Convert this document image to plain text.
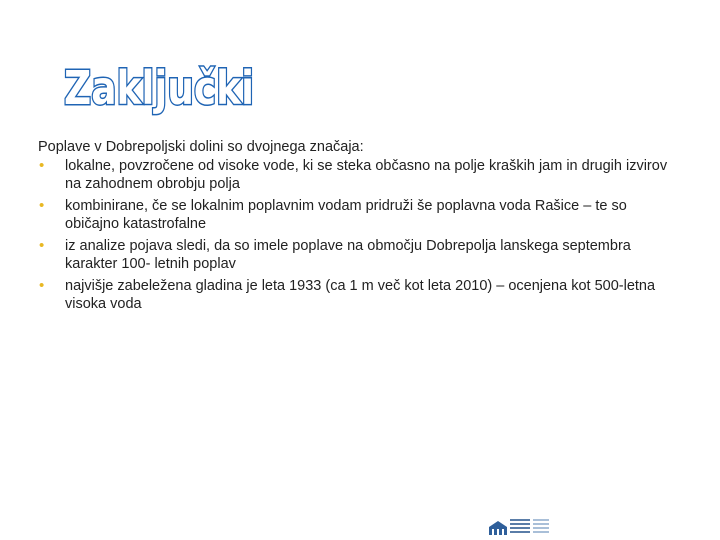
Zaključki

Poplave v Dobrepoljski dolini so dvojnega značaja:

• lokalne, povzročene od visoke vode, ki se steka občasno na polje kraških jam in drugih izvirov na zahodnem obrobju polja
• kombinirane, če se lokalnim poplavnim vodam pridruži še poplavna voda Rašice – te so običajno katastrofalne
• iz analize pojava sledi, da so imele poplave na območju Dobrepolja lanskega septembra karakter 100- letnih poplav
• najvišje zabeležena gladina je leta 1933 (ca 1 m več kot leta 2010) – ocenjena kot 500-letna visoka voda
